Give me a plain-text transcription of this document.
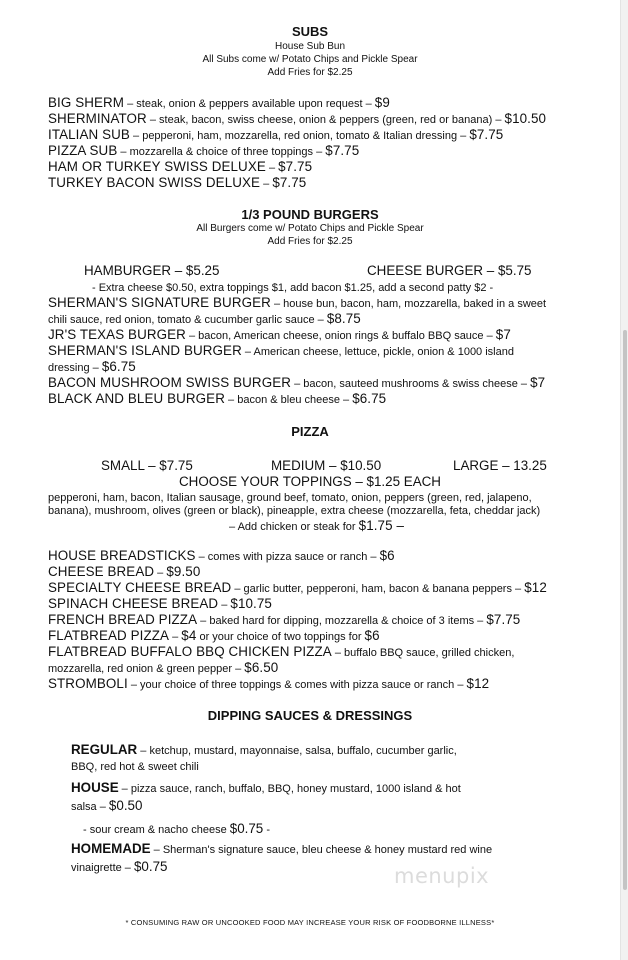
SUBS
House Sub Bun
All Subs come w/ Potato Chips and Pickle Spear
Add Fries for $2.25
BIG SHERM – steak, onion & peppers available upon request – $9
SHERMINATOR – steak, bacon, swiss cheese, onion & peppers (green, red or banana) – $10.50
ITALIAN SUB – pepperoni, ham, mozzarella, red onion, tomato & Italian dressing – $7.75
PIZZA SUB – mozzarella & choice of three toppings – $7.75
HAM OR TURKEY SWISS DELUXE – $7.75
TURKEY BACON SWISS DELUXE – $7.75
1/3 POUND BURGERS
All Burgers come w/ Potato Chips and Pickle Spear
Add Fries for $2.25
HAMBURGER – $5.25	CHEESE BURGER – $5.75
- Extra cheese $0.50, extra toppings $1, add bacon $1.25, add a second patty $2 -
SHERMAN'S SIGNATURE BURGER – house bun, bacon, ham, mozzarella, baked in a sweet
chili sauce, red onion, tomato & cucumber garlic sauce – $8.75
JR'S TEXAS BURGER – bacon, American cheese, onion rings & buffalo BBQ sauce – $7
SHERMAN'S ISLAND BURGER – American cheese, lettuce, pickle, onion & 1000 island
dressing – $6.75
BACON MUSHROOM SWISS BURGER – bacon, sauteed mushrooms & swiss cheese – $7
BLACK AND BLEU BURGER – bacon & bleu cheese – $6.75
PIZZA
SMALL – $7.75	MEDIUM – $10.50	LARGE – 13.25
CHOOSE YOUR TOPPINGS – $1.25 EACH
pepperoni, ham, bacon, Italian sausage, ground beef, tomato, onion, peppers (green, red, jalapeno,
banana), mushroom, olives (green or black), pineapple, extra cheese (mozzarella, feta, cheddar jack)
– Add chicken or steak for $1.75 –
HOUSE BREADSTICKS – comes with pizza sauce or ranch – $6
CHEESE BREAD – $9.50
SPECIALTY CHEESE BREAD – garlic butter, pepperoni, ham, bacon & banana peppers – $12
SPINACH CHEESE BREAD – $10.75
FRENCH BREAD PIZZA – baked hard for dipping, mozzarella & choice of 3 items – $7.75
FLATBREAD PIZZA – $4 or your choice of two toppings for $6
FLATBREAD BUFFALO BBQ CHICKEN PIZZA – buffalo BBQ sauce, grilled chicken,
mozzarella, red onion & green pepper – $6.50
STROMBOLI – your choice of three toppings & comes with pizza sauce or ranch – $12
DIPPING SAUCES & DRESSINGS
REGULAR – ketchup, mustard, mayonnaise, salsa, buffalo, cucumber garlic,
BBQ, red hot & sweet chili
HOUSE – pizza sauce, ranch, buffalo, BBQ, honey mustard, 1000 island & hot
salsa – $0.50
- sour cream & nacho cheese $0.75 -
HOMEMADE – Sherman's signature sauce, bleu cheese & honey mustard red wine
vinaigrette – $0.75	menupix
* CONSUMING RAW OR UNCOOKED FOOD MAY INCREASE YOUR RISK OF FOODBORNE ILLNESS*
